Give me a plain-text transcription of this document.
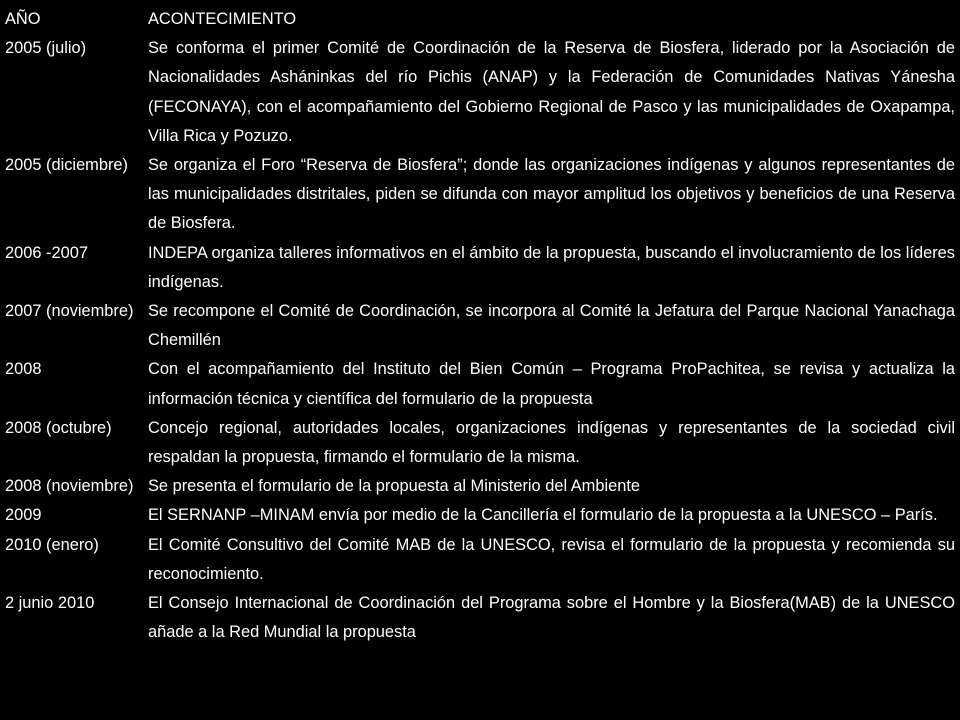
AÑO	ACONTECIMIENTO
2005 (julio)	Se conforma el primer Comité de Coordinación de la Reserva de Biosfera, liderado por la Asociación de Nacionalidades Asháninkas del río Pichis (ANAP) y la Federación de Comunidades Nativas Yánesha (FECONAYA), con el acompañamiento del Gobierno Regional de Pasco y las municipalidades de Oxapampa, Villa Rica y Pozuzo.
2005 (diciembre)	Se organiza el Foro “Reserva de Biosfera”; donde las organizaciones indígenas y algunos representantes de las municipalidades distritales, piden se difunda con mayor amplitud los objetivos y beneficios de una Reserva de Biosfera.
2006 -2007	INDEPA organiza talleres informativos en el ámbito de la propuesta, buscando el involucramiento de los líderes indígenas.
2007 (noviembre)	Se recompone el Comité de Coordinación, se incorpora al Comité la Jefatura del Parque Nacional Yanachaga Chemillén
2008	Con el acompañamiento del Instituto del Bien Común – Programa ProPachitea, se revisa y actualiza la información técnica y científica del formulario de la propuesta
2008 (octubre)	Concejo regional, autoridades locales, organizaciones indígenas y representantes de la sociedad civil respaldan la propuesta, firmando el formulario de la misma.
2008 (noviembre)	Se presenta el formulario de la propuesta al Ministerio del Ambiente
2009	El SERNANP –MINAM envía por medio de la Cancillería el formulario de la propuesta a la UNESCO – París.
2010 (enero)	El Comité Consultivo del Comité MAB de la UNESCO, revisa el formulario de la propuesta y recomienda su reconocimiento.
2 junio 2010	El Consejo Internacional de Coordinación del Programa sobre el Hombre y la Biosfera(MAB) de la UNESCO añade a la Red Mundial la propuesta
